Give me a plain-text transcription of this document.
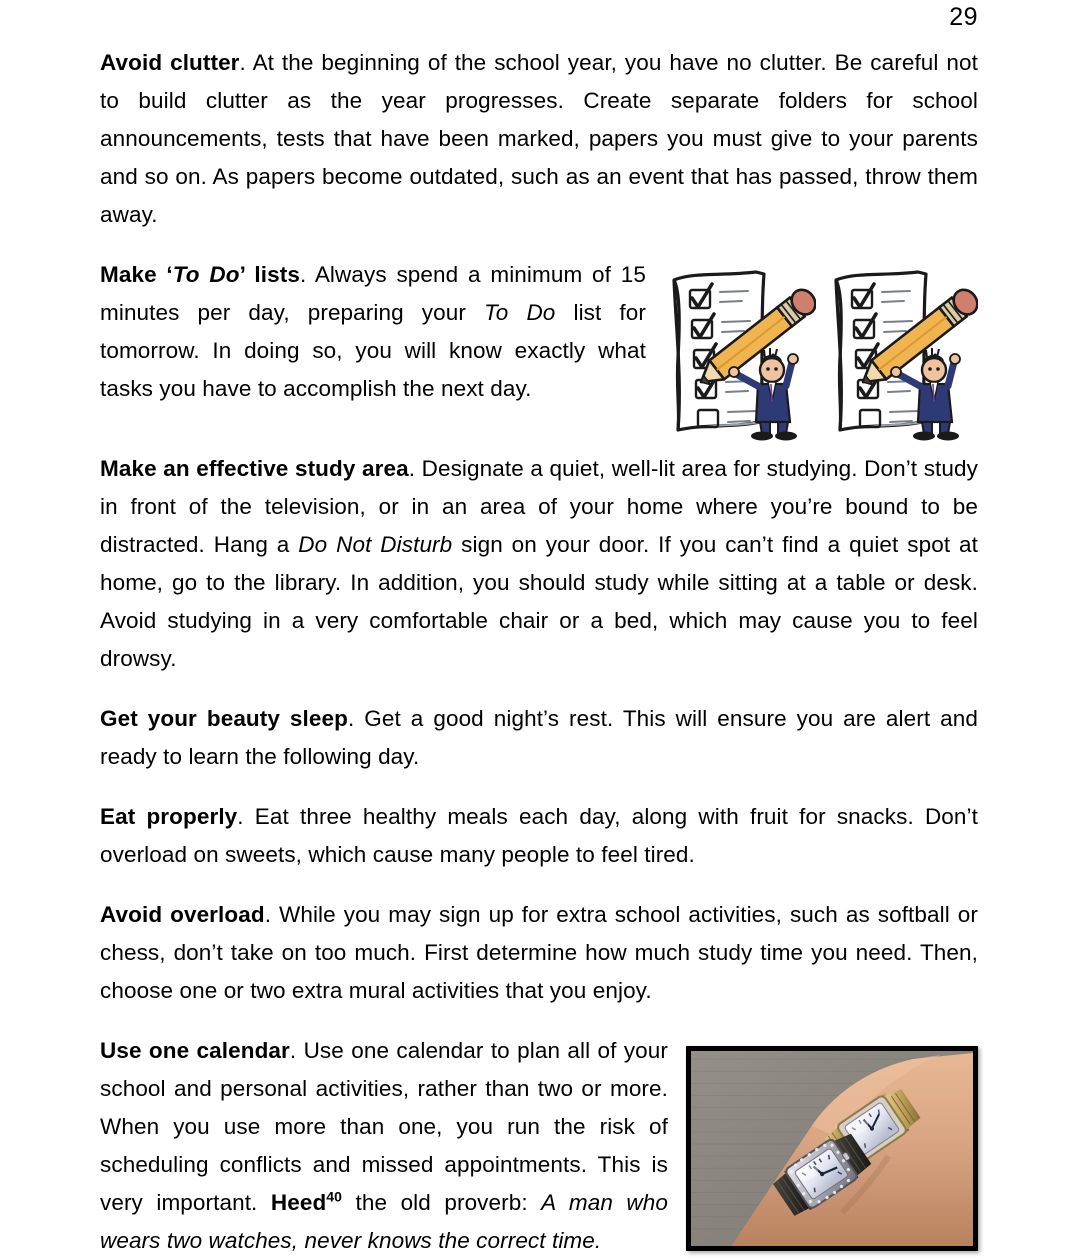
29

Avoid clutter. At the beginning of the school year, you have no clutter. Be careful not to build clutter as the year progresses. Create separate folders for school announcements, tests that have been marked, papers you must give to your parents and so on. As papers become outdated, such as an event that has passed, throw them away.

Make ‘To Do’ lists. Always spend a minimum of 15 minutes per day, preparing your To Do list for tomorrow. In doing so, you will know exactly what tasks you have to accomplish the next day.

Make an effective study area. Designate a quiet, well-lit area for studying. Don’t study in front of the television, or in an area of your home where you’re bound to be distracted. Hang a Do Not Disturb sign on your door. If you can’t find a quiet spot at home, go to the library. In addition, you should study while sitting at a table or desk. Avoid studying in a very comfortable chair or a bed, which may cause you to feel drowsy.

Get your beauty sleep. Get a good night’s rest. This will ensure you are alert and ready to learn the following day.

Eat properly. Eat three healthy meals each day, along with fruit for snacks. Don’t overload on sweets, which cause many people to feel tired.

Avoid overload. While you may sign up for extra school activities, such as softball or chess, don’t take on too much. First determine how much study time you need. Then, choose one or two extra mural activities that you enjoy.

Use one calendar. Use one calendar to plan all of your school and personal activities, rather than two or more. When you use more than one, you run the risk of scheduling conflicts and missed appointments. This is very important. Heed$^{40}$ the old proverb: A man who wears two watches, never knows the correct time.
